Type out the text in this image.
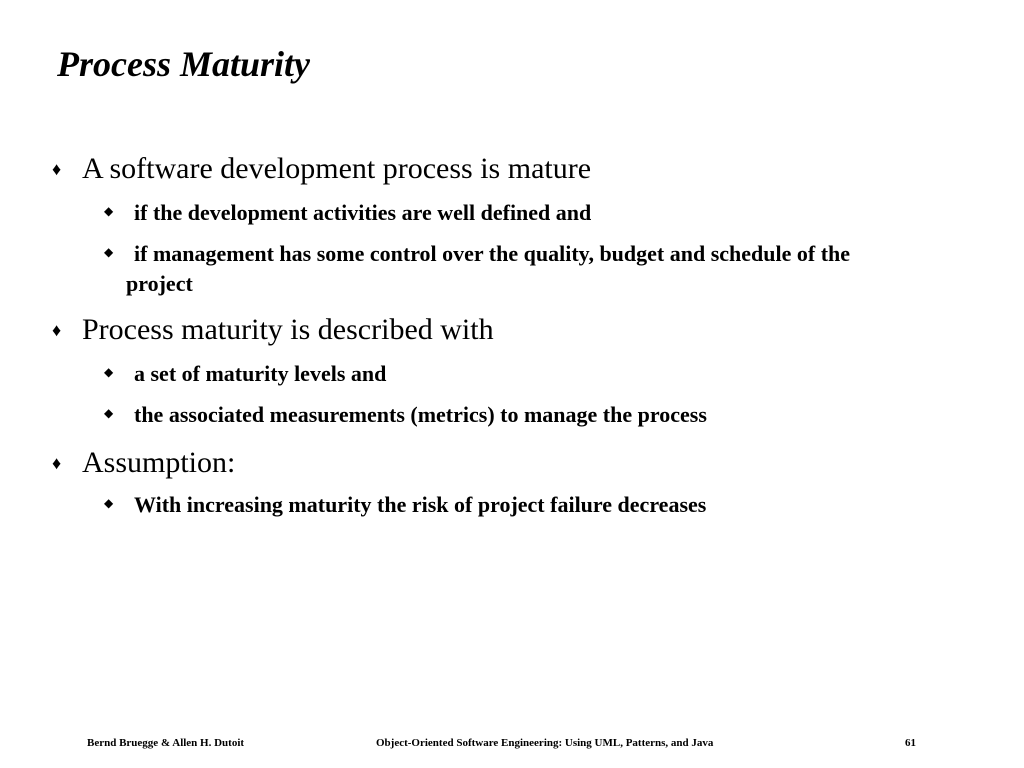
Process Maturity
♦ A software development process is mature
◆ if the development activities are well defined and
◆ if management has some control over the quality, budget and schedule of the project
♦ Process maturity is described with
◆ a set of maturity levels and
◆ the associated measurements (metrics) to manage the process
♦ Assumption:
◆ With increasing maturity the risk of project failure decreases
Bernd Bruegge & Allen H. Dutoit	Object-Oriented Software Engineering: Using UML, Patterns, and Java	61
